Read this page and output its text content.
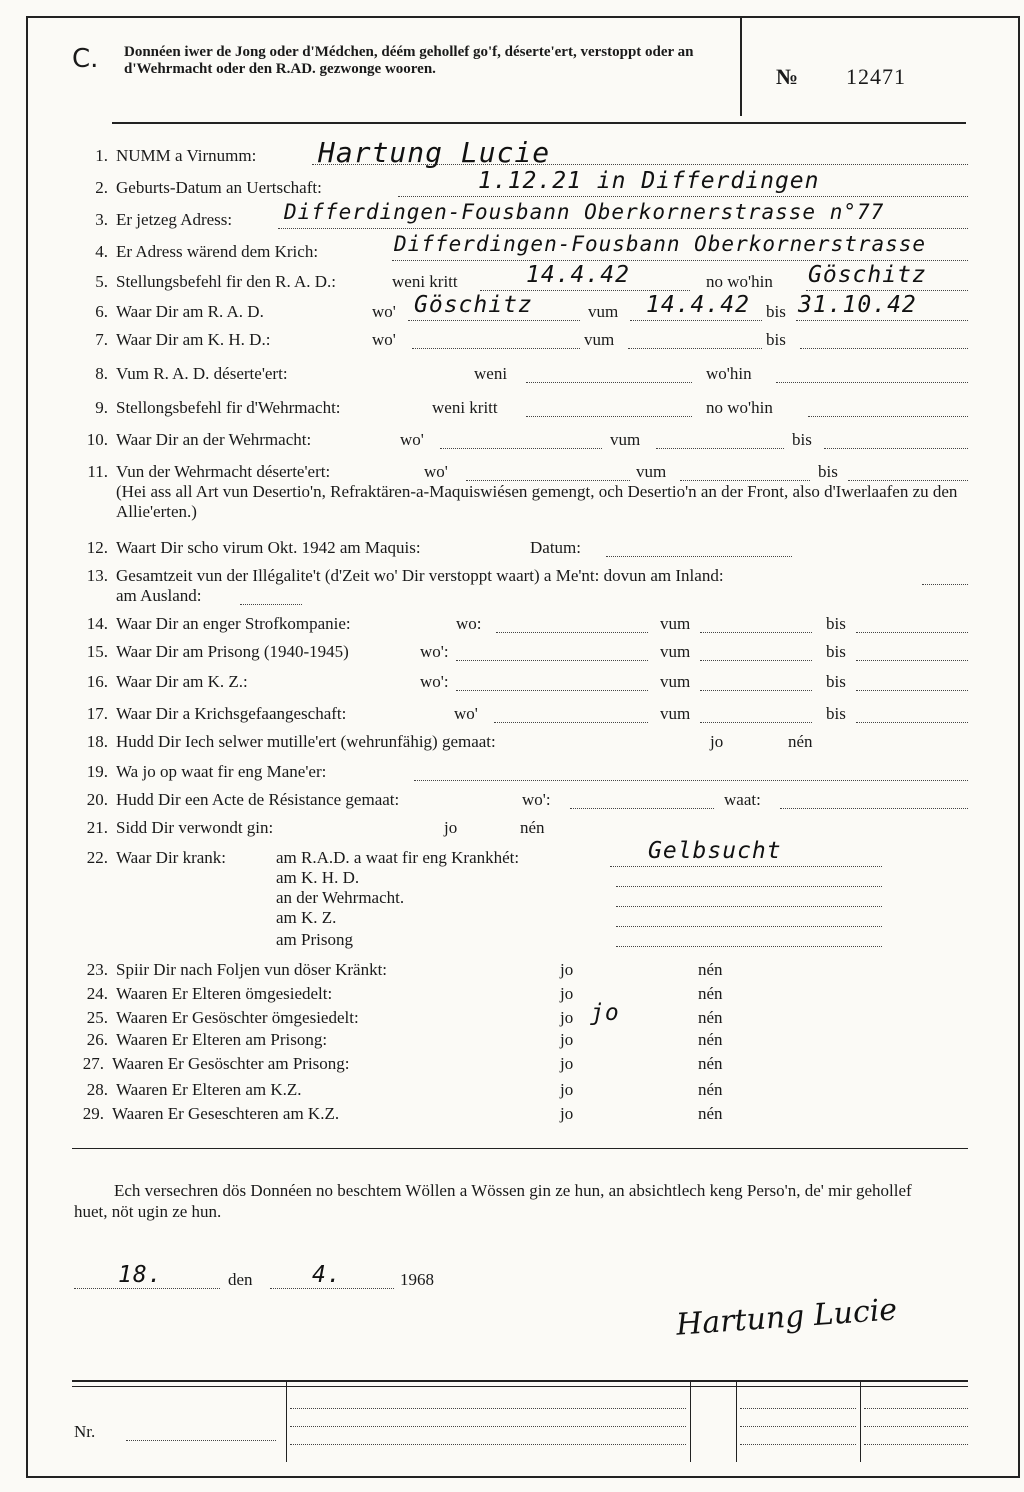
C. Donnéen iwer de Jong oder d'Médchen, déém gehollef go'f, déserte'ert, verstoppt oder an d'Wehrmacht oder den R.AD. gezwonge wooren.	№ 12471
1. NUMM a Virnumm: Hartung Lucie
2. Geburts-Datum an Uertschaft:	1.12.21 in Differdingen
3. Er jetzeg Adress: Differdingen-Fousbann Oberkornerstrasse n°77
4. Er Adress wärend dem Krich:	Differdingen-Fousbann Oberkornerstrasse
5. Stellungsbefehl fir den R. A. D.:	weni kritt	14.4.42	no wo'hin Göschitz
6. Waar Dir am R. A. D.	wo' Göschitz	vum 14.4.42 bis 31.10.42
7. Waar Dir am K. H. D.:	wo'	vum	bis
8. Vum R. A. D. déserte'ert:	weni	wo'hin
9. Stellongsbefehl fir d'Wehrmacht:	weni kritt	no wo'hin
10. Waar Dir an der Wehrmacht:	wo'	vum	bis
11. Vun der Wehrmacht déserte'ert:	wo'	vum	bis
(Hei ass all Art vun Desertio'n, Refraktären-a-Maquiswiésen gemengt, och Desertio'n an der Front, also d'Iwerlaafen zu den Allie'erten.)
12. Waart Dir scho virum Okt. 1942 am Maquis:	Datum:
13. Gesamtzeit vun der Illégalite't (d'Zeit wo' Dir verstoppt waart) a Me'nt: dovun am Inland:
am Ausland:
14. Waar Dir an enger Strofkompanie:	wo:	vum	bis
15. Waar Dir am Prisong (1940-1945)	wo':	vum	bis
16. Waar Dir am K. Z.:	wo':	vum	bis
17. Waar Dir a Krichsgefaangeschaft:	wo'	vum	bis
18. Hudd Dir Iech selwer mutille'ert (wehrunfähig) gemaat:	jo	nén
19. Wa jo op waat fir eng Mane'er:
20. Hudd Dir een Acte de Résistance gemaat:	wo':	waat:
21. Sidd Dir verwondt gin:	jo	nén
22. Waar Dir krank:	am R.A.D. a waat fir eng Krankhét:	Gelbsucht
am K. H. D.
an der Wehrmacht.
am K. Z.
am Prisong
23. Spiir Dir nach Foljen vun döser Kränkt:	jo	nén
24. Waaren Er Elteren ömgesiedelt:	jo	nén
25. Waaren Er Gesöschter ömgesiedelt:	jo jo	nén
26. Waaren Er Elteren am Prisong:	jo	nén
27. Waaren Er Gesöschter am Prisong:	jo	nén
28. Waaren Er Elteren am K.Z.	jo	nén
29. Waaren Er Geseschteren am K.Z.	jo	nén
Ech versechren dös Donnéen no beschtem Wöllen a Wössen gin ze hun, an absichtlech keng Perso'n, de' mir gehollef huet, nöt ugin ze hun.
18.	den	4.	1968
Hartung Lucie
Nr.
